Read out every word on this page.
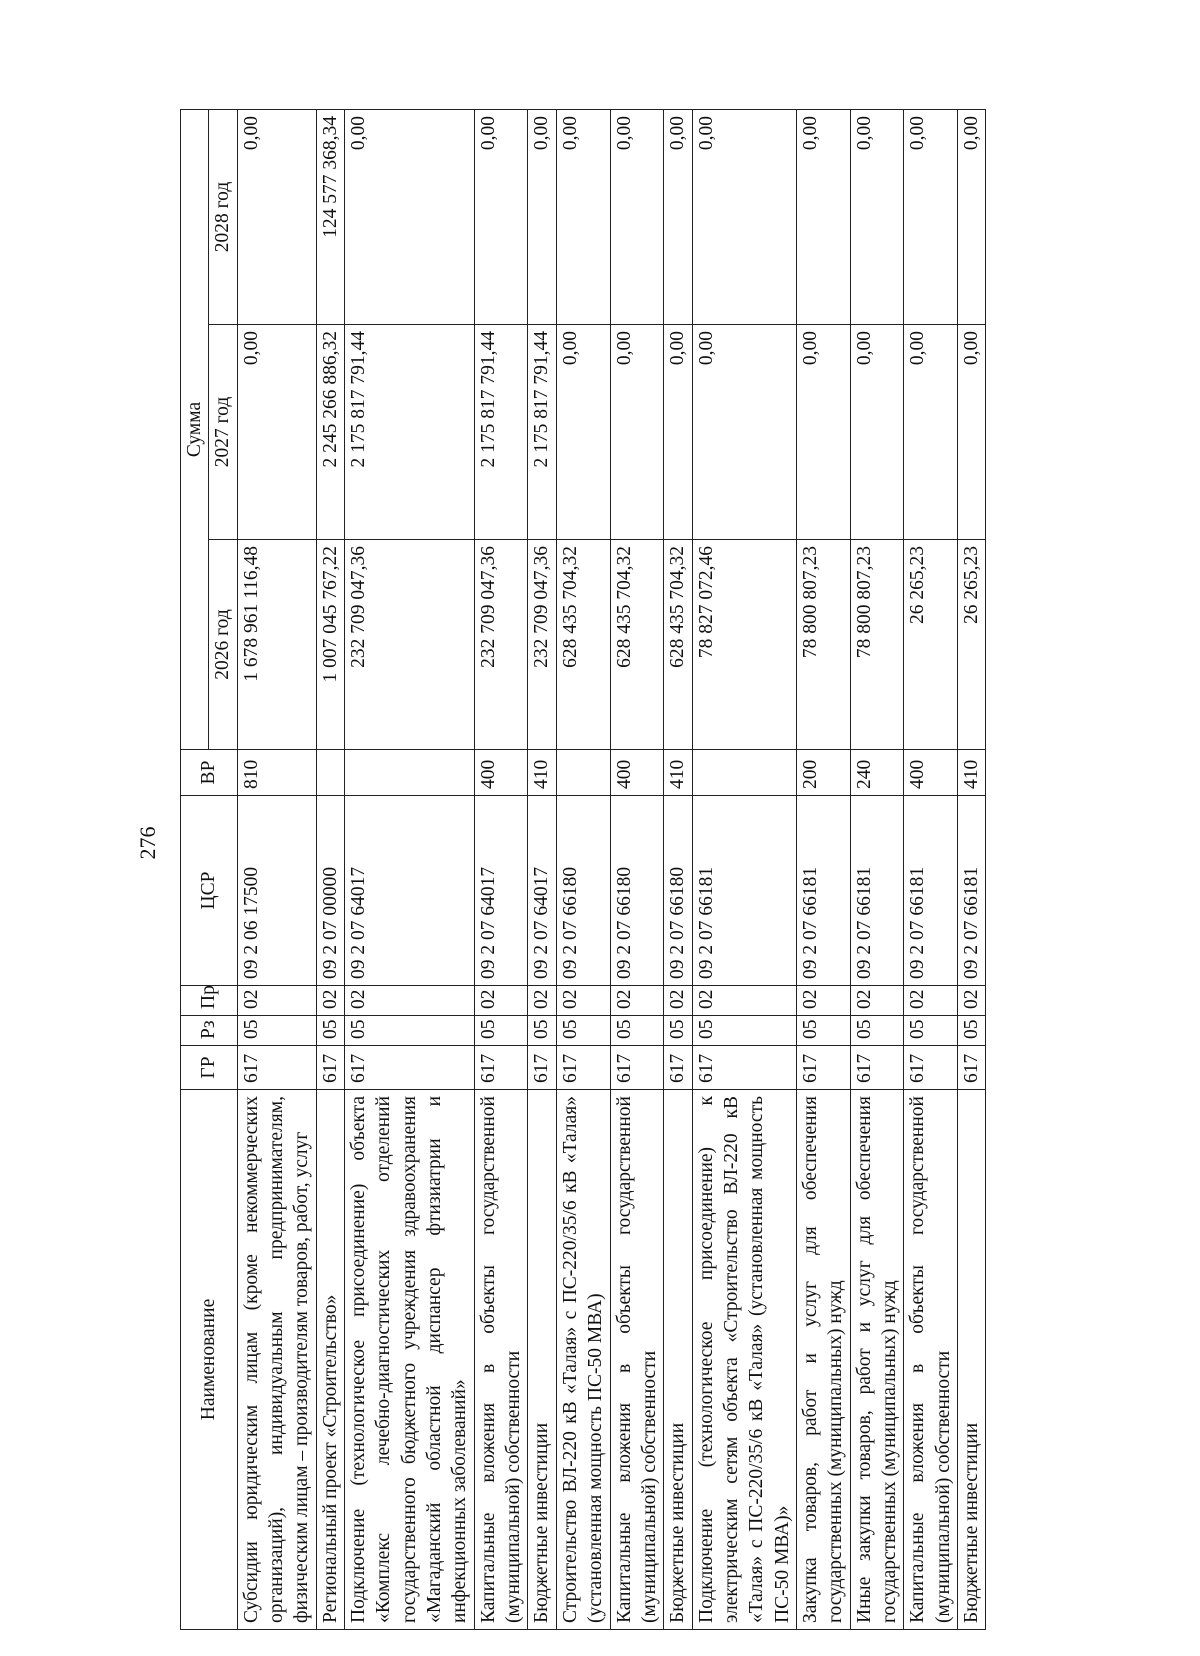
276
Наименование	ГР	Рз	Пр	ЦСР	ВР	Сумма		
						2026 год	2027 год	2028 год
Субсидии юридическим лицам (кроме некоммерческих организаций), индивидуальным предпринимателям, физическим лицам – производителям товаров, работ, услуг	617	05	02	09 2 06 17500	810	1 678 961 116,48	0,00	0,00
Региональный проект «Строительство»	617	05	02	09 2 07 00000		1 007 045 767,22	2 245 266 886,32	124 577 368,34
Подключение (технологическое присоединение) объекта «Комплекс лечебно-диагностических отделений государственного бюджетного учреждения здравоохранения «Магаданский областной диспансер фтизиатрии и инфекционных заболеваний»	617	05	02	09 2 07 64017		232 709 047,36	2 175 817 791,44	0,00
Капитальные вложения в объекты государственной (муниципальной) собственности	617	05	02	09 2 07 64017	400	232 709 047,36	2 175 817 791,44	0,00
Бюджетные инвестиции	617	05	02	09 2 07 64017	410	232 709 047,36	2 175 817 791,44	0,00
Строительство ВЛ-220 кВ «Талая» с ПС-220/35/6 кВ «Талая» (установленная мощность ПС-50 МВА)	617	05	02	09 2 07 66180		628 435 704,32	0,00	0,00
Капитальные вложения в объекты государственной (муниципальной) собственности	617	05	02	09 2 07 66180	400	628 435 704,32	0,00	0,00
Бюджетные инвестиции	617	05	02	09 2 07 66180	410	628 435 704,32	0,00	0,00
Подключение (технологическое присоединение) к электрическим сетям объекта «Строительство ВЛ-220 кВ «Талая» с ПС-220/35/6 кВ «Талая» (установленная мощность ПС-50 МВА)»	617	05	02	09 2 07 66181		78 827 072,46	0,00	0,00
Закупка товаров, работ и услуг для обеспечения государственных (муниципальных) нужд	617	05	02	09 2 07 66181	200	78 800 807,23	0,00	0,00
Иные закупки товаров, работ и услуг для обеспечения государственных (муниципальных) нужд	617	05	02	09 2 07 66181	240	78 800 807,23	0,00	0,00
Капитальные вложения в объекты государственной (муниципальной) собственности	617	05	02	09 2 07 66181	400	26 265,23	0,00	0,00
Бюджетные инвестиции	617	05	02	09 2 07 66181	410	26 265,23	0,00	0,00
